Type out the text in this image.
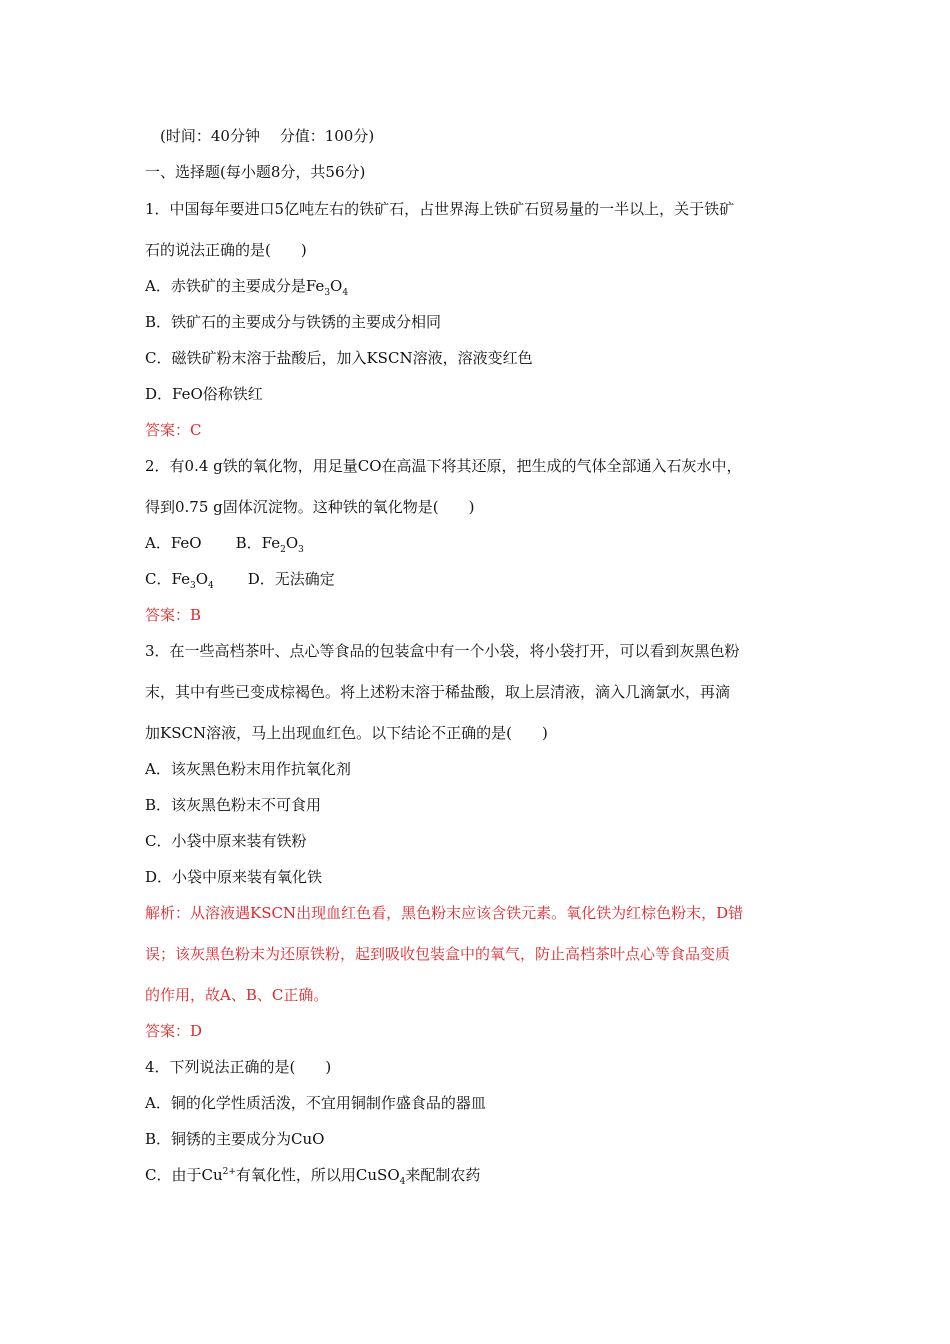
(时间：40分钟　 分值：100分)
一、选择题(每小题8分，共56分)
1．中国每年要进口5亿吨左右的铁矿石，占世界海上铁矿石贸易量的一半以上，关于铁矿
石的说法正确的是(　　)
A．赤铁矿的主要成分是$Fe_3O_4$
B．铁矿石的主要成分与铁锈的主要成分相同
C．磁铁矿粉末溶于盐酸后，加入KSCN溶液，溶液变红色
D．FeO俗称铁红
答案：C
2．有0.4 g铁的氧化物，用足量CO在高温下将其还原，把生成的气体全部通入石灰水中，
得到0.75 g固体沉淀物。这种铁的氧化物是(　　)
A．FeO B．$Fe_2O_3$
C．$Fe_3O_4$ D．无法确定
答案：B
3．在一些高档茶叶、点心等食品的包装盒中有一个小袋，将小袋打开，可以看到灰黑色粉
末，其中有些已变成棕褐色。将上述粉末溶于稀盐酸，取上层清液，滴入几滴氯水，再滴
加KSCN溶液，马上出现血红色。以下结论不正确的是(　　)
A．该灰黑色粉末用作抗氧化剂
B．该灰黑色粉末不可食用
C．小袋中原来装有铁粉
D．小袋中原来装有氧化铁
解析：从溶液遇KSCN出现血红色看，黑色粉末应该含铁元素。氧化铁为红棕色粉末，D错
误；该灰黑色粉末为还原铁粉，起到吸收包装盒中的氧气，防止高档茶叶点心等食品变质
的作用，故A、B、C正确。
答案：D
4．下列说法正确的是(　　)
A．铜的化学性质活泼，不宜用铜制作盛食品的器皿
B．铜锈的主要成分为CuO
C．由于$Cu^{2+}$有氧化性，所以用CuSO$_4$来配制农药
